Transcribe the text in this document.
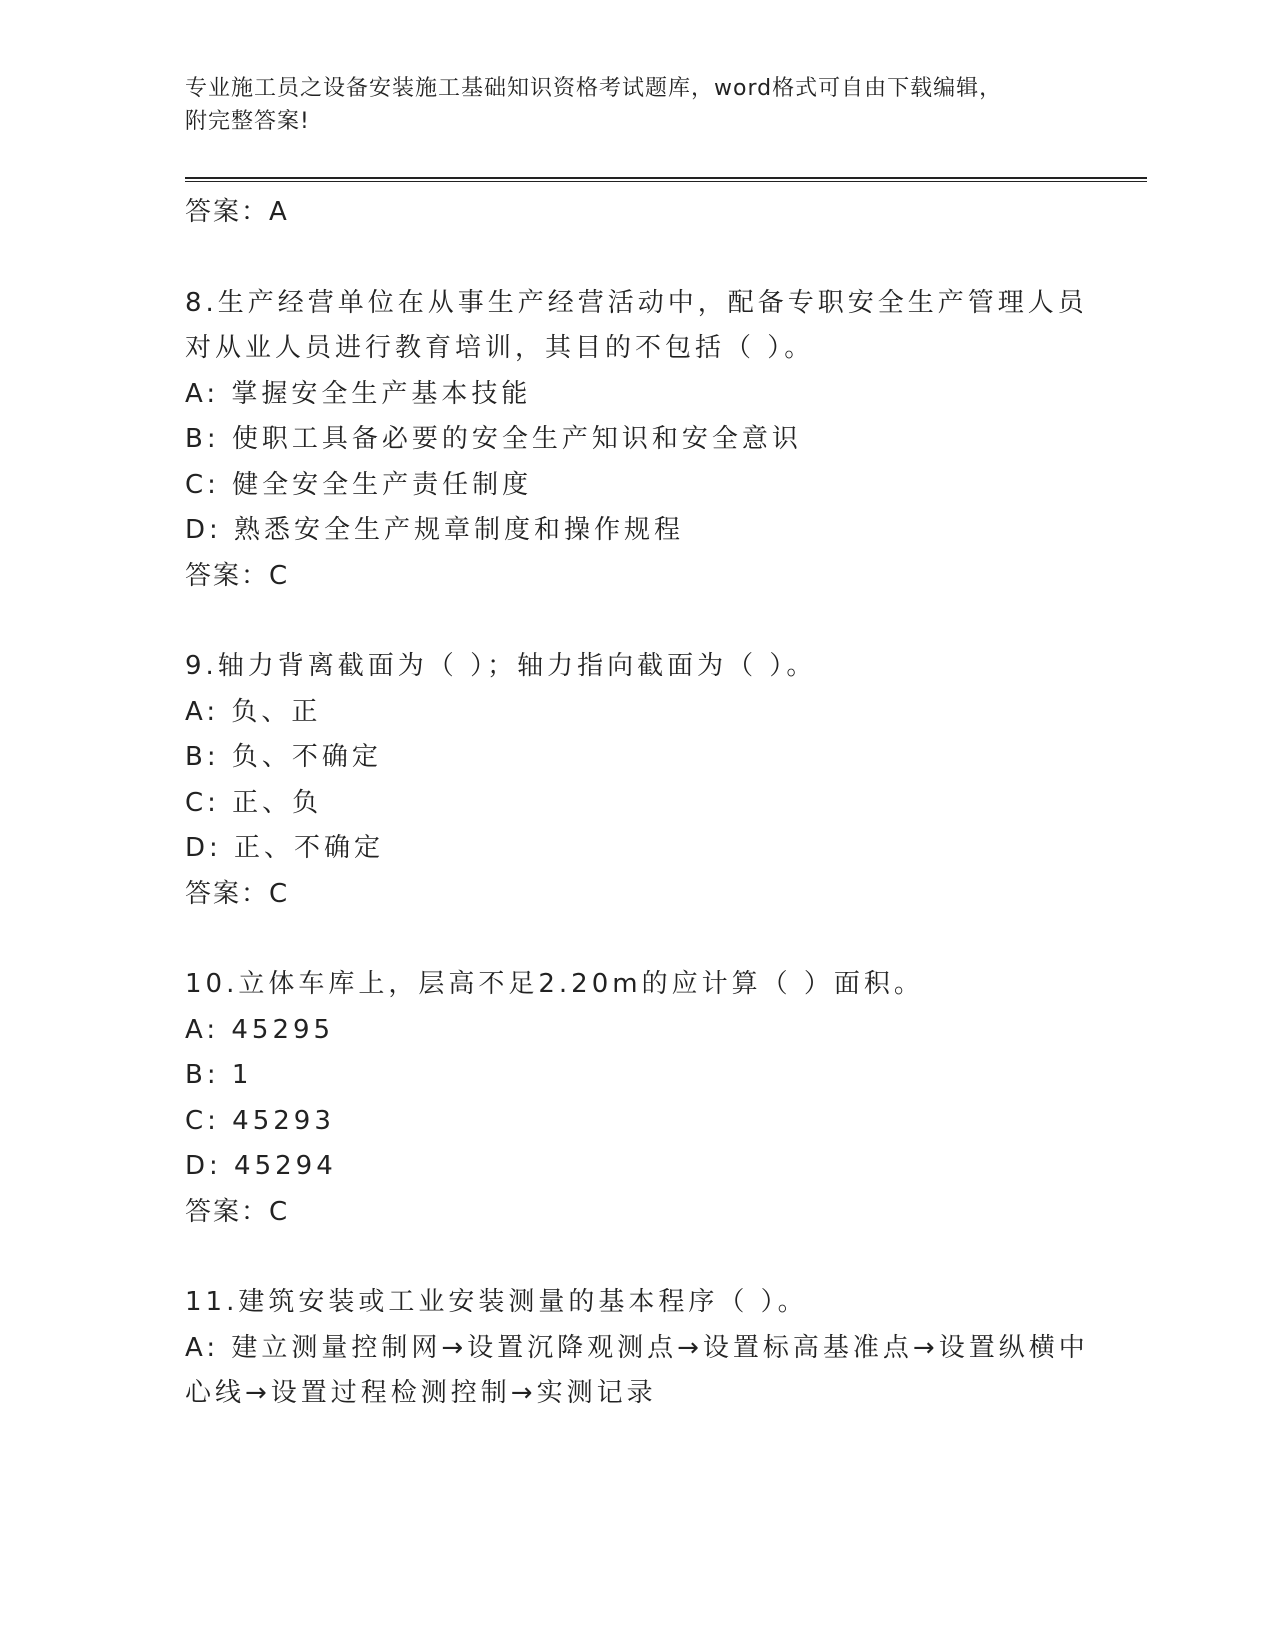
专业施工员之设备安装施工基础知识资格考试题库，word格式可自由下载编辑，
附完整答案!
答案：A
8.生产经营单位在从事生产经营活动中，配备专职安全生产管理人员
对从业人员进行教育培训，其目的不包括（ ）。
A: 掌握安全生产基本技能
B: 使职工具备必要的安全生产知识和安全意识
C: 健全安全生产责任制度
D: 熟悉安全生产规章制度和操作规程
答案：C
9.轴力背离截面为（ ）；轴力指向截面为（ ）。
A: 负、正
B: 负、不确定
C: 正、负
D: 正、不确定
答案：C
10.立体车库上，层高不足2.20m的应计算（ ）面积。
A: 45295
B: 1
C: 45293
D: 45294
答案：C
11.建筑安装或工业安装测量的基本程序（ ）。
A: 建立测量控制网→设置沉降观测点→设置标高基准点→设置纵横中
心线→设置过程检测控制→实测记录
